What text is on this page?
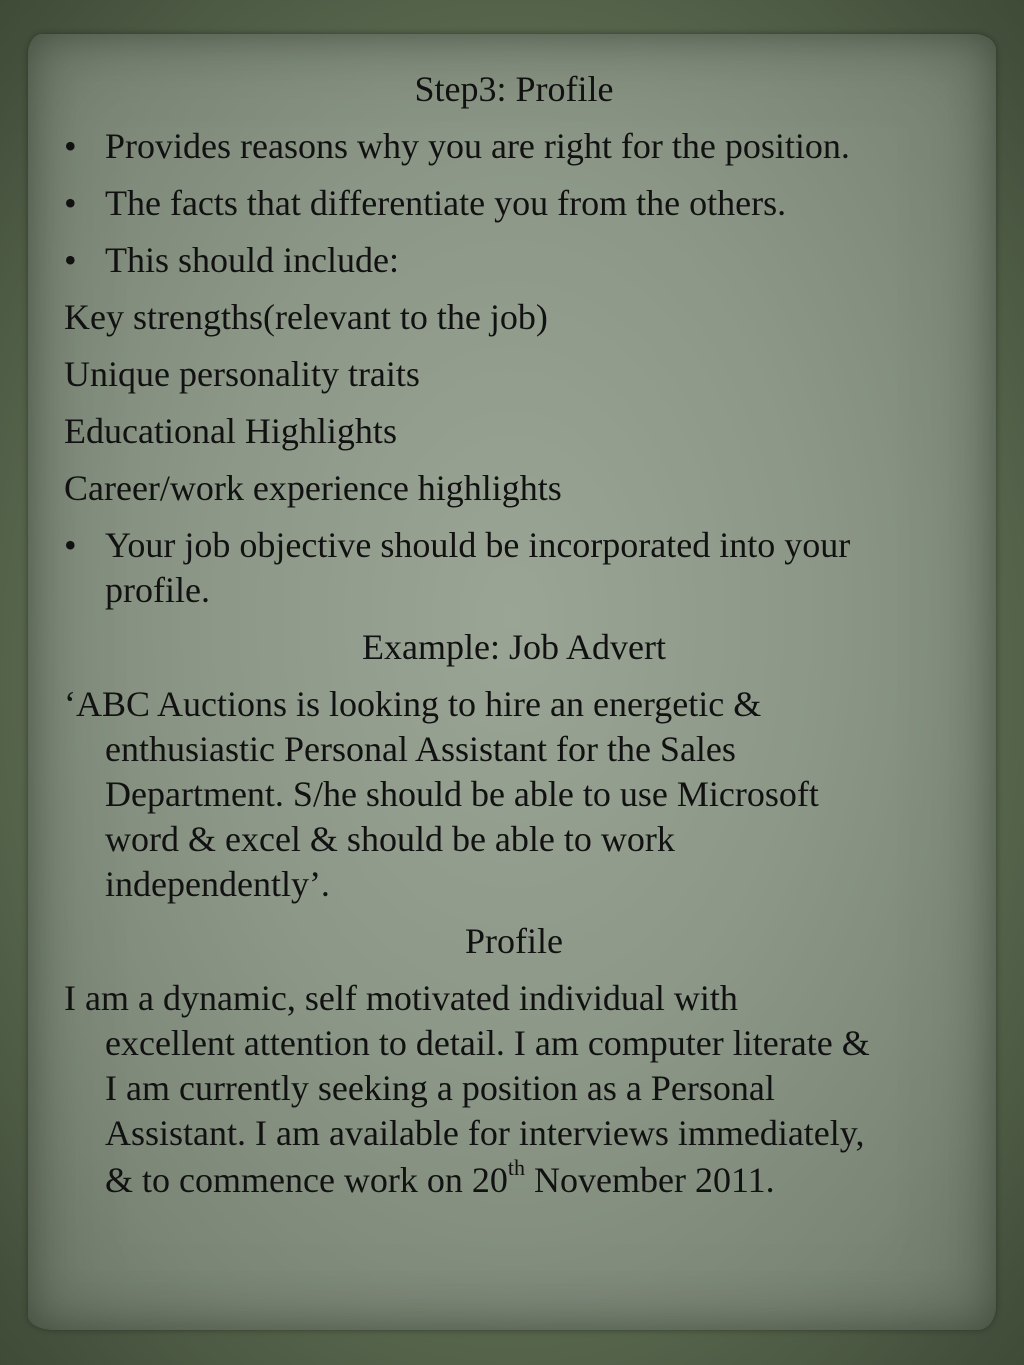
Step3: Profile
• Provides reasons why you are right for the position.
• The facts that differentiate you from the others.
• This should include:
Key strengths(relevant to the job)
Unique personality traits
Educational Highlights
Career/work experience highlights
• Your job objective should be incorporated into your
profile.
Example: Job Advert
‘ABC Auctions is looking to hire an energetic &
enthusiastic Personal Assistant for the Sales
Department. S/he should be able to use Microsoft
word & excel & should be able to work
independently’.
Profile
I am a dynamic, self motivated individual with
excellent attention to detail. I am computer literate &
I am currently seeking a position as a Personal
Assistant. I am available for interviews immediately,
& to commence work on 20th November 2011.
